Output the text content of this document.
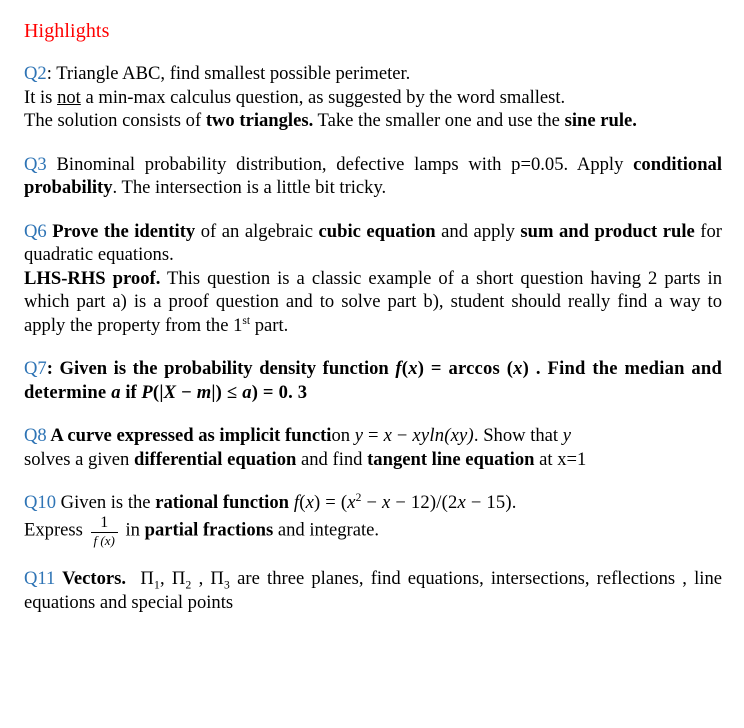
Highlights

Q2: Triangle ABC, find smallest possible perimeter.
It is not a min-max calculus question, as suggested by the word smallest.
The solution consists of two triangles. Take the smaller one and use the sine rule.

Q3 Binominal probability distribution, defective lamps with p=0.05. Apply conditional probability. The intersection is a little bit tricky.

Q6 Prove the identity of an algebraic cubic equation and apply sum and product rule for quadratic equations.
LHS-RHS proof. This question is a classic example of a short question having 2 parts in which part a) is a proof question and to solve part b), student should really find a way to apply the property from the 1st part.

Q7: Given is the probability density function f(x) = arccos (x) . Find the median and determine a if P(|X − m|) ≤ a) = 0. 3

Q8 A curve expressed as implicit function y = x − xyln(xy). Show that y
solves a given differential equation and find tangent line equation at x=1

Q10 Given is the rational function $f(x) = (x^2 - x - 12)/(2x - 15)$.
Express $\frac{1}{f (x)}$ in partial fractions and integrate.

Q11 Vectors. $\Pi_1$, $\Pi_2$ , $\Pi_3$ are three planes, find equations, intersections, reflections , line equations and special points
